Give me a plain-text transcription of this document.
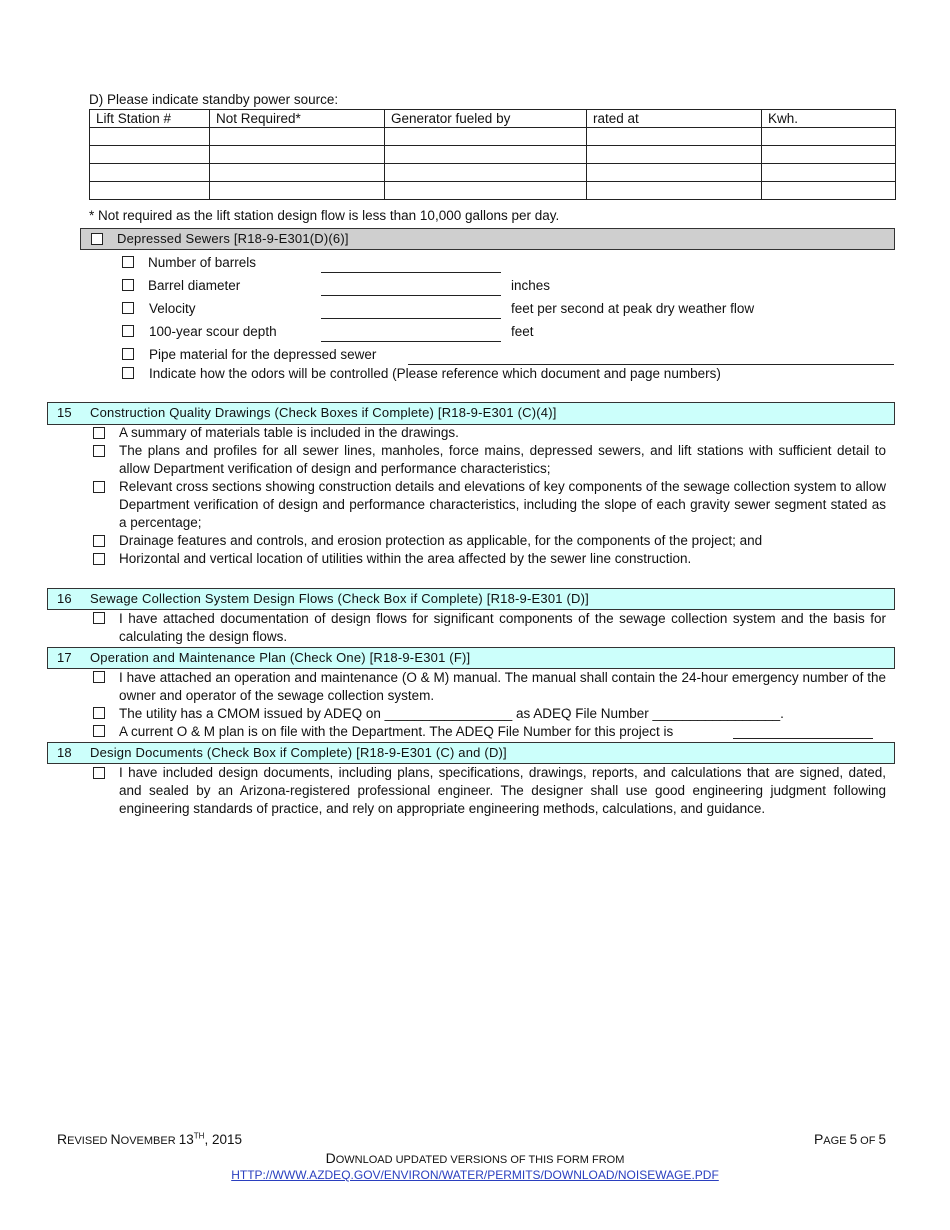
D) Please indicate standby power source:
Lift Station #	Not Required*	Generator fueled by	rated at	Kwh.

* Not required as the lift station design flow is less than 10,000 gallons per day.
Depressed Sewers [R18-9-E301(D)(6)]
Number of barrels
Barrel diameter	inches
Velocity	feet per second at peak dry weather flow
100-year scour depth	feet
Pipe material for the depressed sewer
Indicate how the odors will be controlled (Please reference which document and page numbers)
15 Construction Quality Drawings (Check Boxes if Complete) [R18-9-E301 (C)(4)]
A summary of materials table is included in the drawings.
The plans and profiles for all sewer lines, manholes, force mains, depressed sewers, and lift stations with sufficient detail to allow Department verification of design and performance characteristics;
Relevant cross sections showing construction details and elevations of key components of the sewage collection system to allow Department verification of design and performance characteristics, including the slope of each gravity sewer segment stated as a percentage;
Drainage features and controls, and erosion protection as applicable, for the components of the project; and
Horizontal and vertical location of utilities within the area affected by the sewer line construction.
16 Sewage Collection System Design Flows (Check Box if Complete) [R18-9-E301 (D)]
I have attached documentation of design flows for significant components of the sewage collection system and the basis for calculating the design flows.
17 Operation and Maintenance Plan (Check One) [R18-9-E301 (F)]
I have attached an operation and maintenance (O & M) manual. The manual shall contain the 24-hour emergency number of the owner and operator of the sewage collection system.
The utility has a CMOM issued by ADEQ on _________________ as ADEQ File Number _________________.
A current O & M plan is on file with the Department. The ADEQ File Number for this project is
18 Design Documents (Check Box if Complete) [R18-9-E301 (C) and (D)]
I have included design documents, including plans, specifications, drawings, reports, and calculations that are signed, dated, and sealed by an Arizona-registered professional engineer. The designer shall use good engineering judgment following engineering standards of practice, and rely on appropriate engineering methods, calculations, and guidance.
REVISED NOVEMBER 13TH, 2015	PAGE 5 OF 5
DOWNLOAD UPDATED VERSIONS OF THIS FORM FROM
HTTP://WWW.AZDEQ.GOV/ENVIRON/WATER/PERMITS/DOWNLOAD/NOISEWAGE.PDF
